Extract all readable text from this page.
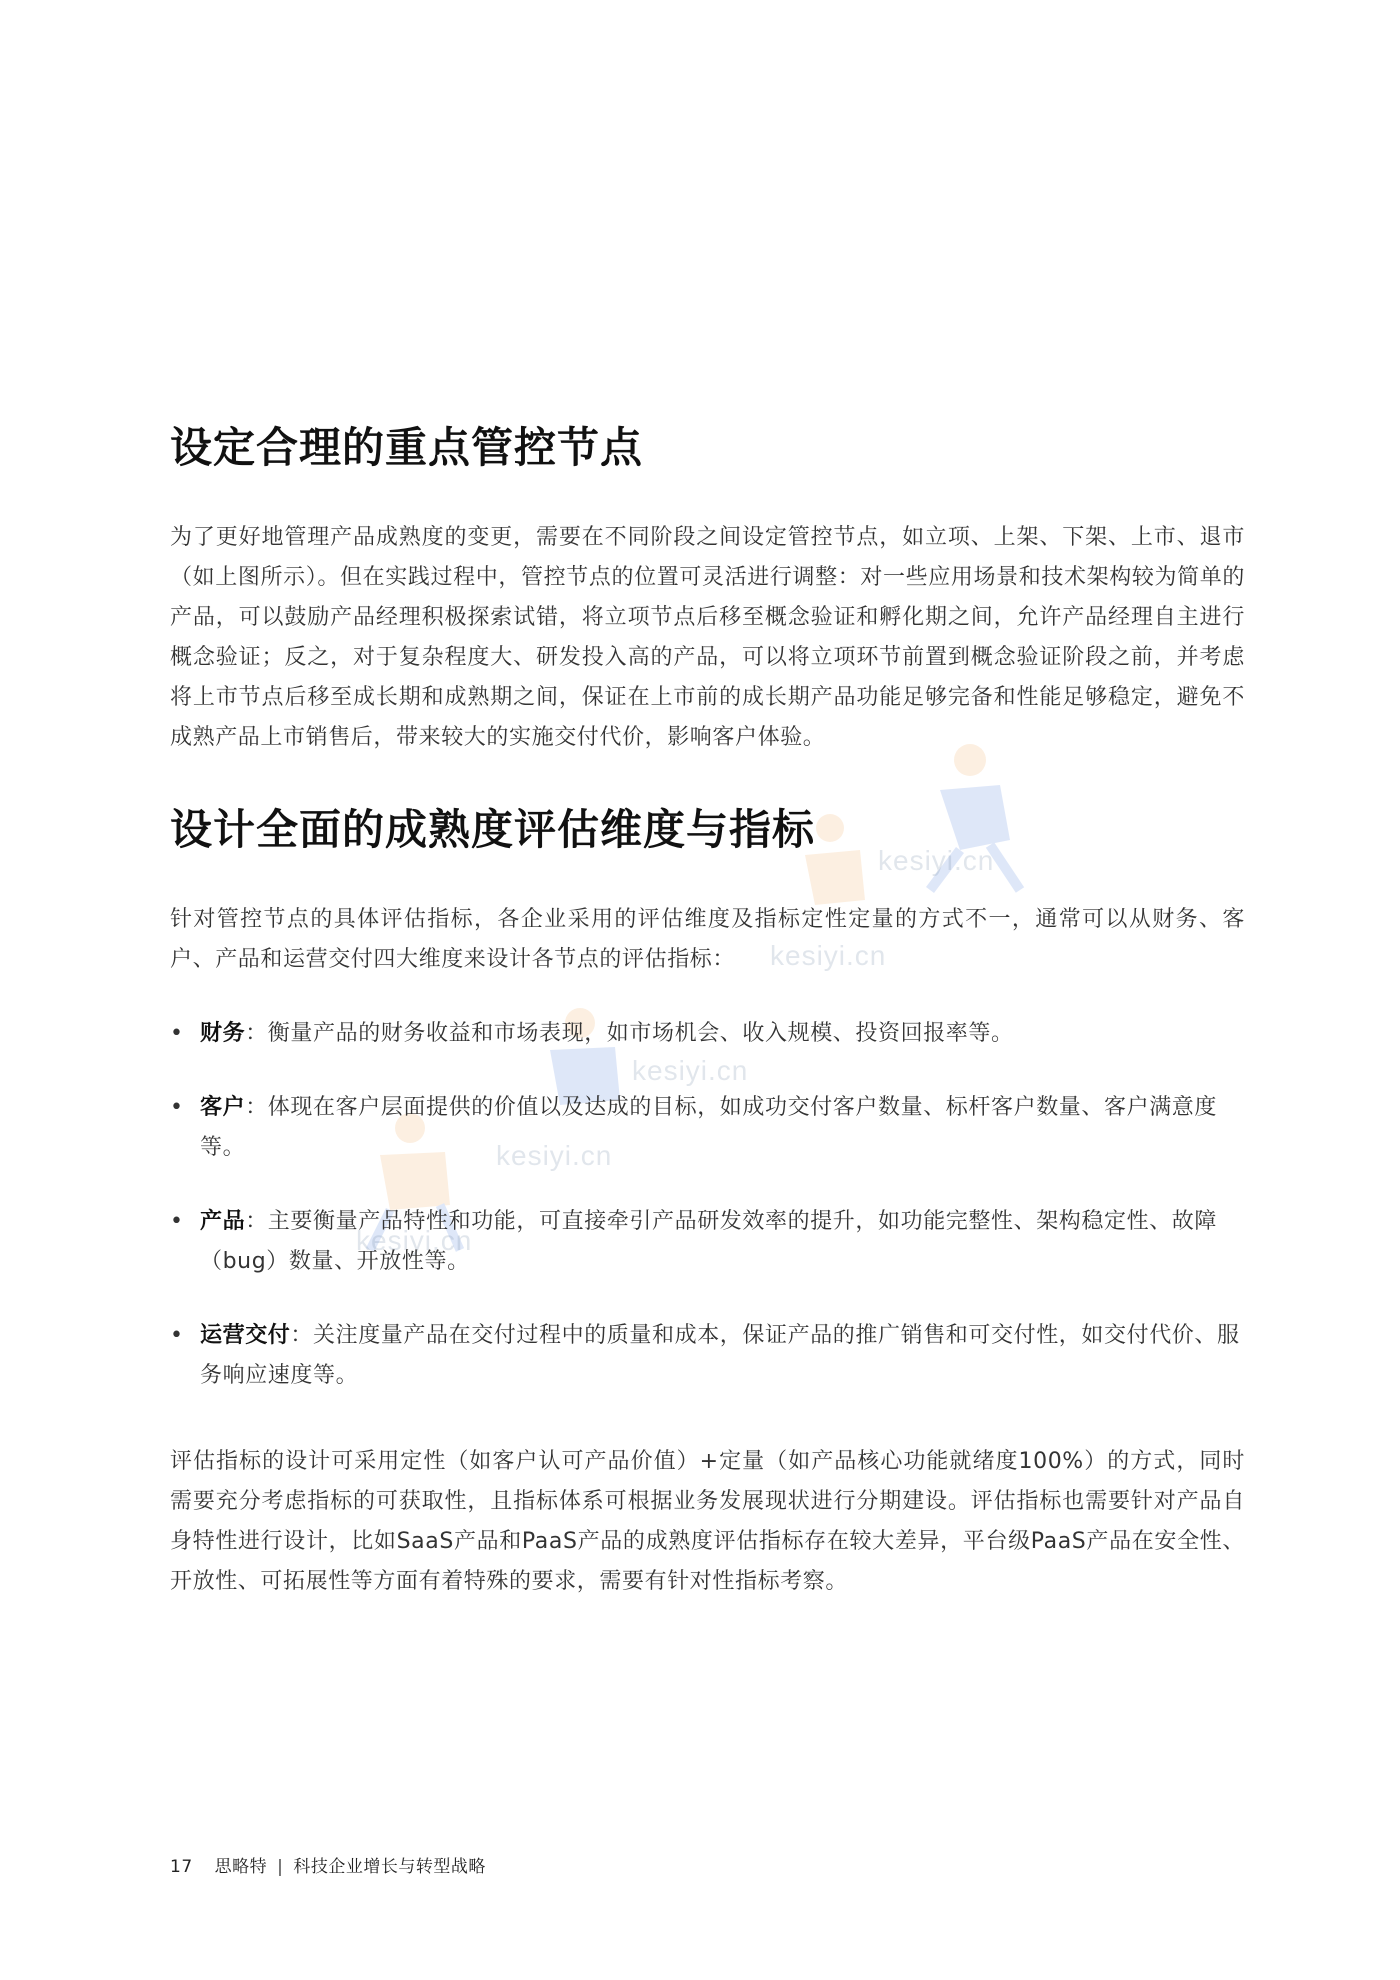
kesiyi.cn
kesiyi.cn
kesiyi.cn
kesiyi.cn
kesiyi.cn
设定合理的重点管控节点

为了更好地管理产品成熟度的变更，需要在不同阶段之间设定管控节点，如立项、上架、下架、上市、退市（如上图所示）。但在实践过程中，管控节点的位置可灵活进行调整：对一些应用场景和技术架构较为简单的产品，可以鼓励产品经理积极探索试错，将立项节点后移至概念验证和孵化期之间，允许产品经理自主进行概念验证；反之，对于复杂程度大、研发投入高的产品，可以将立项环节前置到概念验证阶段之前，并考虑将上市节点后移至成长期和成熟期之间，保证在上市前的成长期产品功能足够完备和性能足够稳定，避免不成熟产品上市销售后，带来较大的实施交付代价，影响客户体验。

设计全面的成熟度评估维度与指标

针对管控节点的具体评估指标，各企业采用的评估维度及指标定性定量的方式不一，通常可以从财务、客户、产品和运营交付四大维度来设计各节点的评估指标：

• 财务：衡量产品的财务收益和市场表现，如市场机会、收入规模、投资回报率等。
• 客户：体现在客户层面提供的价值以及达成的目标，如成功交付客户数量、标杆客户数量、客户满意度等。
• 产品：主要衡量产品特性和功能，可直接牵引产品研发效率的提升，如功能完整性、架构稳定性、故障（bug）数量、开放性等。
• 运营交付：关注度量产品在交付过程中的质量和成本，保证产品的推广销售和可交付性，如交付代价、服务响应速度等。

评估指标的设计可采用定性（如客户认可产品价值）+定量（如产品核心功能就绪度100%）的方式，同时需要充分考虑指标的可获取性，且指标体系可根据业务发展现状进行分期建设。评估指标也需要针对产品自身特性进行设计，比如SaaS产品和PaaS产品的成熟度评估指标存在较大差异，平台级PaaS产品在安全性、开放性、可拓展性等方面有着特殊的要求，需要有针对性指标考察。

17 思略特 | 科技企业增长与转型战略
